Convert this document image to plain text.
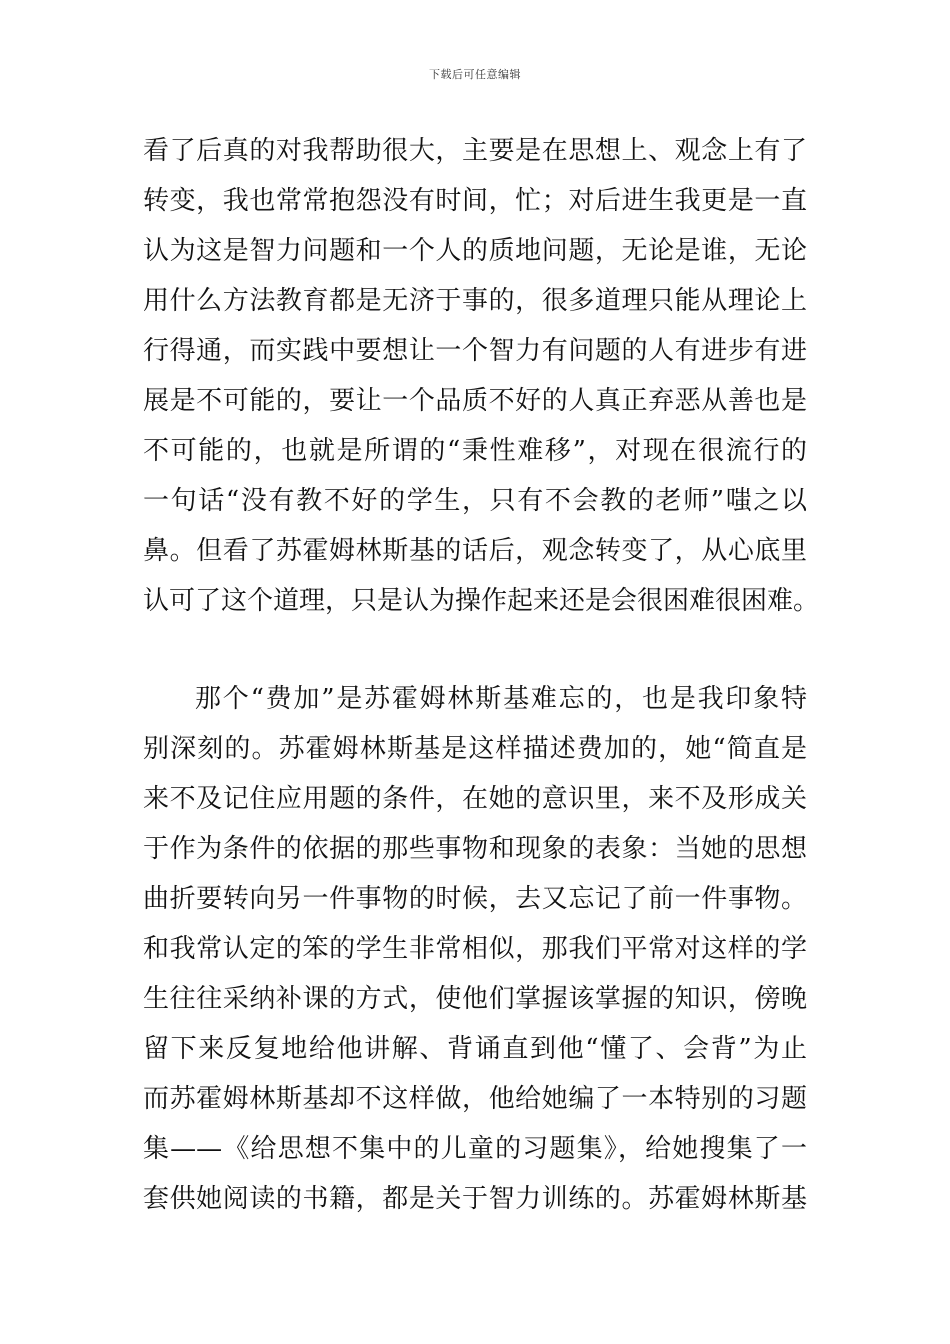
下载后可任意编辑
看了后真的对我帮助很大，主要是在思想上、观念上有了
转变，我也常常抱怨没有时间，忙；对后进生我更是一直
认为这是智力问题和一个人的质地问题，无论是谁，无论
用什么方法教育都是无济于事的，很多道理只能从理论上
行得通，而实践中要想让一个智力有问题的人有进步有进
展是不可能的，要让一个品质不好的人真正弃恶从善也是
不可能的，也就是所谓的“秉性难移”，对现在很流行的
一句话“没有教不好的学生，只有不会教的老师”嗤之以
鼻。但看了苏霍姆林斯基的话后，观念转变了，从心底里
认可了这个道理，只是认为操作起来还是会很困难很困难。
那个“费加”是苏霍姆林斯基难忘的，也是我印象特
别深刻的。苏霍姆林斯基是这样描述费加的，她“简直是
来不及记住应用题的条件，在她的意识里，来不及形成关
于作为条件的依据的那些事物和现象的表象：当她的思想
曲折要转向另一件事物的时候，去又忘记了前一件事物。
和我常认定的笨的学生非常相似，那我们平常对这样的学
生往往采纳补课的方式，使他们掌握该掌握的知识，傍晚
留下来反复地给他讲解、背诵直到他“懂了、会背”为止
而苏霍姆林斯基却不这样做，他给她编了一本特别的习题
集——《给思想不集中的儿童的习题集》，给她搜集了一
套供她阅读的书籍，都是关于智力训练的。苏霍姆林斯基
